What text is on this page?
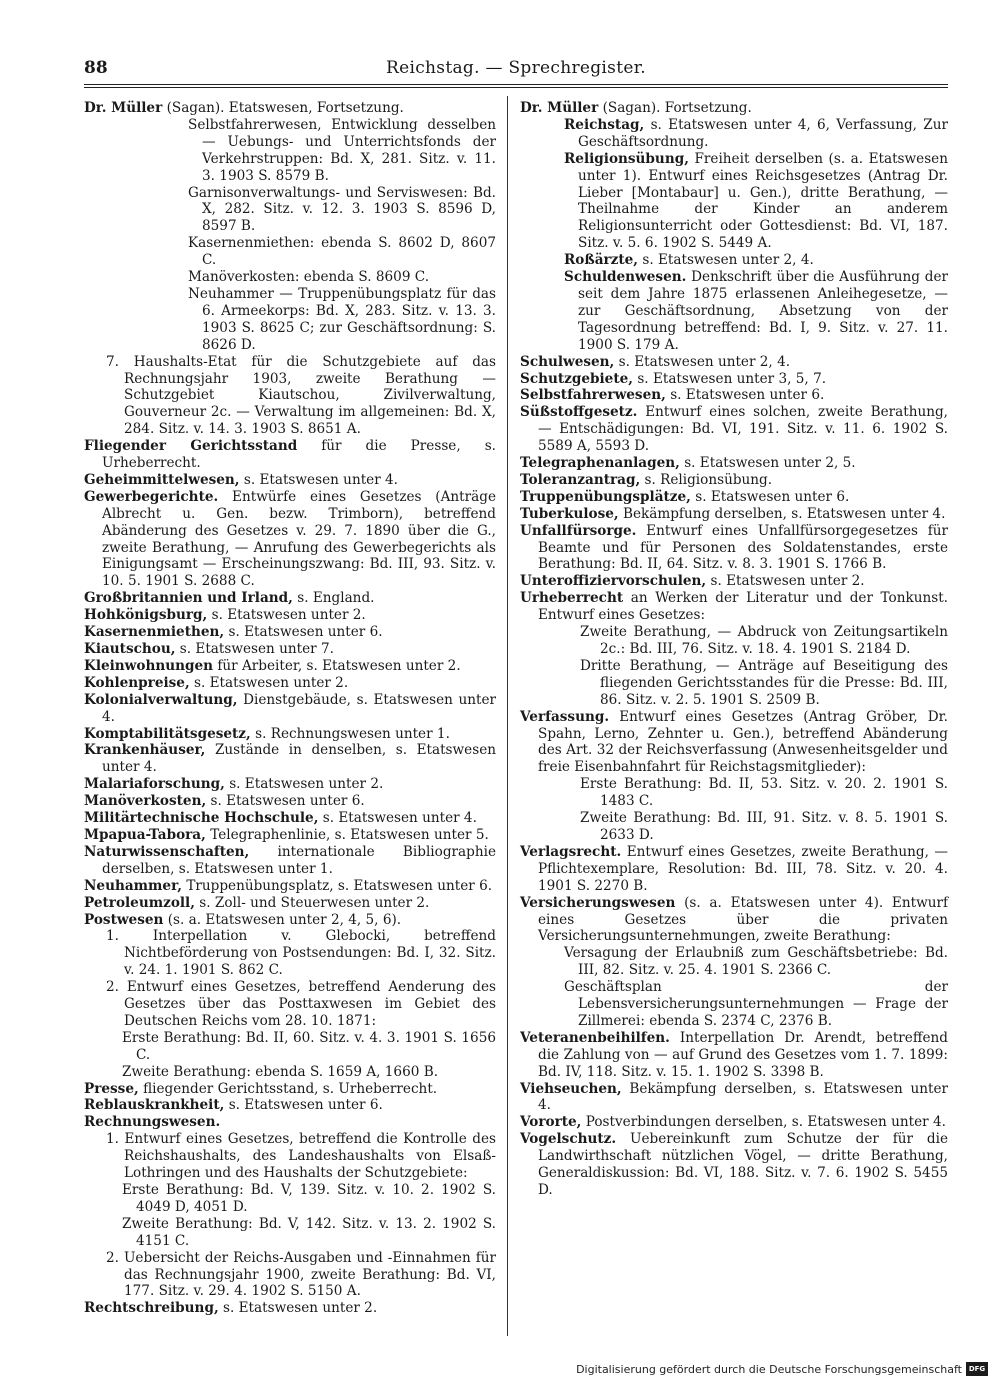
88	Reichstag. — Sprechregister.

Dr. Müller (Sagan). Etatswesen, Fortsetzung.

Selbstfahrerwesen, Entwicklung desselben — Uebungs- und Unterrichtsfonds der Verkehrstruppen: Bd. X, 281. Sitz. v. 11. 3. 1903 S. 8579 B.

Garnisonverwaltungs- und Serviswesen: Bd. X, 282. Sitz. v. 12. 3. 1903 S. 8596 D, 8597 B.

Kasernenmiethen: ebenda S. 8602 D, 8607 C.

Manöverkosten: ebenda S. 8609 C.

Neuhammer — Truppenübungsplatz für das 6. Armeekorps: Bd. X, 283. Sitz. v. 13. 3. 1903 S. 8625 C; zur Geschäftsordnung: S. 8626 D.

7. Haushalts-Etat für die Schutzgebiete auf das Rechnungsjahr 1903, zweite Berathung — Schutzgebiet Kiautschou, Zivilverwaltung, Gouverneur 2c. — Verwaltung im allgemeinen: Bd. X, 284. Sitz. v. 14. 3. 1903 S. 8651 A.

Fliegender Gerichtsstand für die Presse, s. Urheberrecht.

Geheimmittelwesen, s. Etatswesen unter 4.

Gewerbegerichte. Entwürfe eines Gesetzes (Anträge Albrecht u. Gen. bezw. Trimborn), betreffend Abänderung des Gesetzes v. 29. 7. 1890 über die G., zweite Berathung, — Anrufung des Gewerbegerichts als Einigungsamt — Erscheinungszwang: Bd. III, 93. Sitz. v. 10. 5. 1901 S. 2688 C.

Großbritannien und Irland, s. England.

Hohkönigsburg, s. Etatswesen unter 2.

Kasernenmiethen, s. Etatswesen unter 6.

Kiautschou, s. Etatswesen unter 7.

Kleinwohnungen für Arbeiter, s. Etatswesen unter 2.

Kohlenpreise, s. Etatswesen unter 2.

Kolonialverwaltung, Dienstgebäude, s. Etatswesen unter 4.

Komptabilitätsgesetz, s. Rechnungswesen unter 1.

Krankenhäuser, Zustände in denselben, s. Etatswesen unter 4.

Malariaforschung, s. Etatswesen unter 2.

Manöverkosten, s. Etatswesen unter 6.

Militärtechnische Hochschule, s. Etatswesen unter 4.

Mpapua-Tabora, Telegraphenlinie, s. Etatswesen unter 5.

Naturwissenschaften, internationale Bibliographie derselben, s. Etatswesen unter 1.

Neuhammer, Truppenübungsplatz, s. Etatswesen unter 6.

Petroleumzoll, s. Zoll- und Steuerwesen unter 2.

Postwesen (s. a. Etatswesen unter 2, 4, 5, 6).

1. Interpellation v. Glebocki, betreffend Nichtbeförderung von Postsendungen: Bd. I, 32. Sitz. v. 24. 1. 1901 S. 862 C.

2. Entwurf eines Gesetzes, betreffend Aenderung des Gesetzes über das Posttaxwesen im Gebiet des Deutschen Reichs vom 28. 10. 1871:

Erste Berathung: Bd. II, 60. Sitz. v. 4. 3. 1901 S. 1656 C.

Zweite Berathung: ebenda S. 1659 A, 1660 B.

Presse, fliegender Gerichtsstand, s. Urheberrecht.

Reblauskrankheit, s. Etatswesen unter 6.

Rechnungswesen.

1. Entwurf eines Gesetzes, betreffend die Kontrolle des Reichshaushalts, des Landeshaushalts von Elsaß-Lothringen und des Haushalts der Schutzgebiete:

Erste Berathung: Bd. V, 139. Sitz. v. 10. 2. 1902 S. 4049 D, 4051 D.

Zweite Berathung: Bd. V, 142. Sitz. v. 13. 2. 1902 S. 4151 C.

2. Uebersicht der Reichs-Ausgaben und -Einnahmen für das Rechnungsjahr 1900, zweite Berathung: Bd. VI, 177. Sitz. v. 29. 4. 1902 S. 5150 A.

Rechtschreibung, s. Etatswesen unter 2.

Dr. Müller (Sagan). Fortsetzung.

Reichstag, s. Etatswesen unter 4, 6, Verfassung, Zur Geschäftsordnung.

Religionsübung, Freiheit derselben (s. a. Etatswesen unter 1). Entwurf eines Reichsgesetzes (Antrag Dr. Lieber [Montabaur] u. Gen.), dritte Berathung, — Theilnahme der Kinder an anderem Religionsunterricht oder Gottesdienst: Bd. VI, 187. Sitz. v. 5. 6. 1902 S. 5449 A.

Roßärzte, s. Etatswesen unter 2, 4.

Schuldenwesen. Denkschrift über die Ausführung der seit dem Jahre 1875 erlassenen Anleihegesetze, — zur Geschäftsordnung, Absetzung von der Tagesordnung betreffend: Bd. I, 9. Sitz. v. 27. 11. 1900 S. 179 A.

Schulwesen, s. Etatswesen unter 2, 4.

Schutzgebiete, s. Etatswesen unter 3, 5, 7.

Selbstfahrerwesen, s. Etatswesen unter 6.

Süßstoffgesetz. Entwurf eines solchen, zweite Berathung, — Entschädigungen: Bd. VI, 191. Sitz. v. 11. 6. 1902 S. 5589 A, 5593 D.

Telegraphenanlagen, s. Etatswesen unter 2, 5.

Toleranzantrag, s. Religionsübung.

Truppenübungsplätze, s. Etatswesen unter 6.

Tuberkulose, Bekämpfung derselben, s. Etatswesen unter 4.

Unfallfürsorge. Entwurf eines Unfallfürsorgegesetzes für Beamte und für Personen des Soldatenstandes, erste Berathung: Bd. II, 64. Sitz. v. 8. 3. 1901 S. 1766 B.

Unteroffiziervorschulen, s. Etatswesen unter 2.

Urheberrecht an Werken der Literatur und der Tonkunst. Entwurf eines Gesetzes:

Zweite Berathung, — Abdruck von Zeitungsartikeln 2c.: Bd. III, 76. Sitz. v. 18. 4. 1901 S. 2184 D.

Dritte Berathung, — Anträge auf Beseitigung des fliegenden Gerichtsstandes für die Presse: Bd. III, 86. Sitz. v. 2. 5. 1901 S. 2509 B.

Verfassung. Entwurf eines Gesetzes (Antrag Gröber, Dr. Spahn, Lerno, Zehnter u. Gen.), betreffend Abänderung des Art. 32 der Reichsverfassung (Anwesenheitsgelder und freie Eisenbahnfahrt für Reichstagsmitglieder):

Erste Berathung: Bd. II, 53. Sitz. v. 20. 2. 1901 S. 1483 C.

Zweite Berathung: Bd. III, 91. Sitz. v. 8. 5. 1901 S. 2633 D.

Verlagsrecht. Entwurf eines Gesetzes, zweite Berathung, — Pflichtexemplare, Resolution: Bd. III, 78. Sitz. v. 20. 4. 1901 S. 2270 B.

Versicherungswesen (s. a. Etatswesen unter 4). Entwurf eines Gesetzes über die privaten Versicherungsunternehmungen, zweite Berathung:

Versagung der Erlaubniß zum Geschäftsbetriebe: Bd. III, 82. Sitz. v. 25. 4. 1901 S. 2366 C.

Geschäftsplan der Lebensversicherungsunternehmungen — Frage der Zillmerei: ebenda S. 2374 C, 2376 B.

Veteranenbeihilfen. Interpellation Dr. Arendt, betreffend die Zahlung von — auf Grund des Gesetzes vom 1. 7. 1899: Bd. IV, 118. Sitz. v. 15. 1. 1902 S. 3398 B.

Viehseuchen, Bekämpfung derselben, s. Etatswesen unter 4.

Vororte, Postverbindungen derselben, s. Etatswesen unter 4.

Vogelschutz. Uebereinkunft zum Schutze der für die Landwirthschaft nützlichen Vögel, — dritte Berathung, Generaldiskussion: Bd. VI, 188. Sitz. v. 7. 6. 1902 S. 5455 D.

Digitalisierung gefördert durch die Deutsche Forschungsgemeinschaft DFG
